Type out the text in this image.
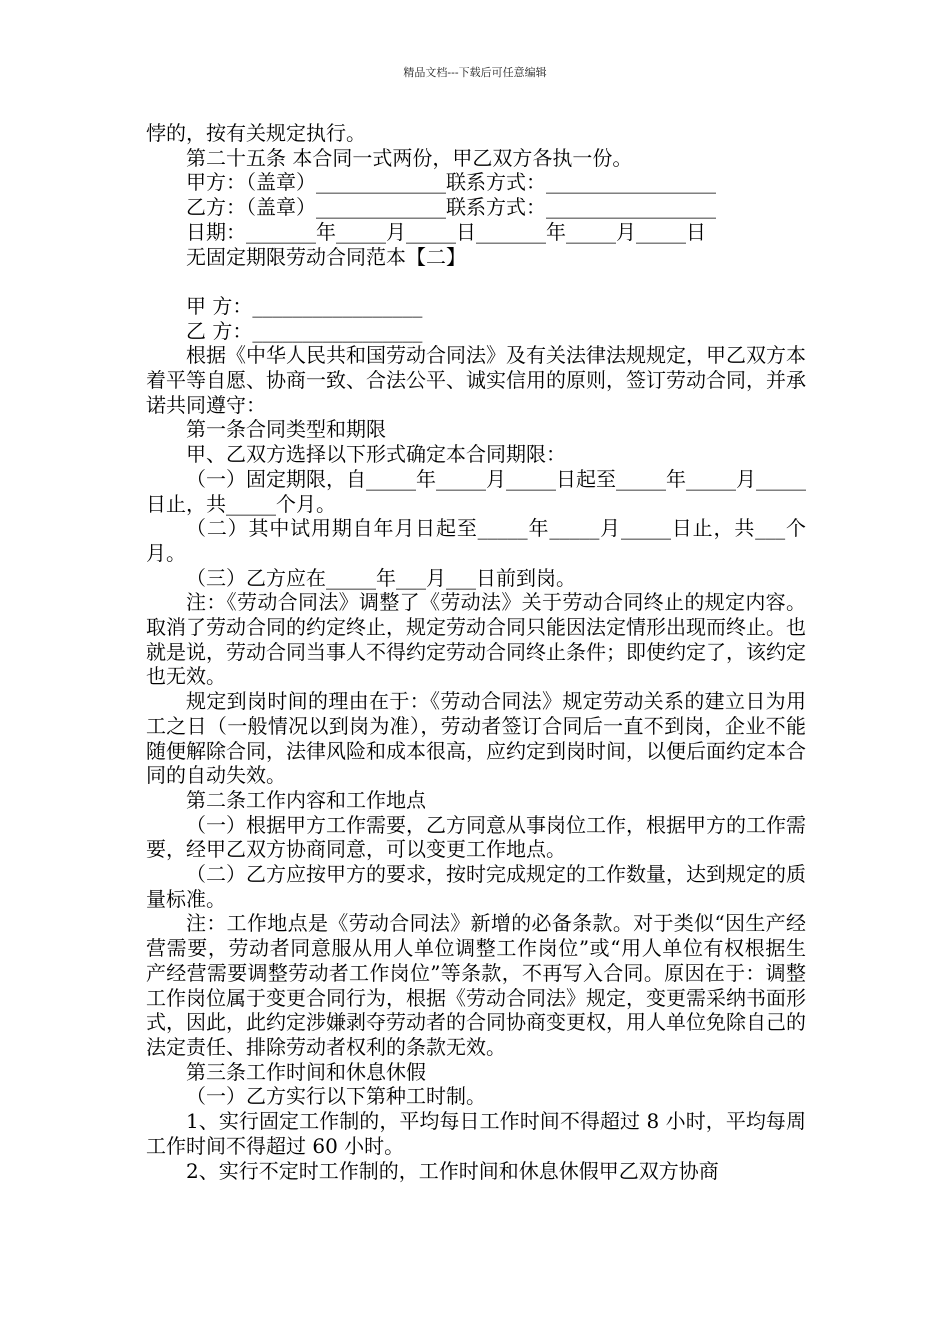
精品文档---下载后可任意编辑

悖的，按有关规定执行。

第二十五条 本合同一式两份，甲乙双方各执一份。

甲方：（盖章）_____________联系方式：_________________

乙方：（盖章）_____________联系方式：_________________

日期：_______年_____月_____日_______年_____月_____日

无固定期限劳动合同范本【二】

甲 方：_________________

乙 方：_________________

根据《中华人民共和国劳动合同法》及有关法律法规规定，甲乙双方本着平等自愿、协商一致、合法公平、诚实信用的原则，签订劳动合同，并承诺共同遵守：

第一条合同类型和期限

甲、乙双方选择以下形式确定本合同期限：

（一）固定期限，自_____年_____月_____日起至_____年_____月_____日止，共_____个月。

（二）其中试用期自年月日起至_____年_____月_____日止，共___个月。

（三）乙方应在_____年___月___日前到岗。

注：《劳动合同法》调整了《劳动法》关于劳动合同终止的规定内容。取消了劳动合同的约定终止，规定劳动合同只能因法定情形出现而终止。也就是说，劳动合同当事人不得约定劳动合同终止条件；即使约定了，该约定也无效。

规定到岗时间的理由在于：《劳动合同法》规定劳动关系的建立日为用工之日（一般情况以到岗为准），劳动者签订合同后一直不到岗，企业不能随便解除合同，法律风险和成本很高，应约定到岗时间，以便后面约定本合同的自动失效。

第二条工作内容和工作地点

（一）根据甲方工作需要，乙方同意从事岗位工作，根据甲方的工作需要，经甲乙双方协商同意，可以变更工作地点。

（二）乙方应按甲方的要求，按时完成规定的工作数量，达到规定的质量标准。

注：工作地点是《劳动合同法》新增的必备条款。对于类似“因生产经营需要，劳动者同意服从用人单位调整工作岗位”或“用人单位有权根据生产经营需要调整劳动者工作岗位”等条款，不再写入合同。原因在于：调整工作岗位属于变更合同行为，根据《劳动合同法》规定，变更需采纳书面形式，因此，此约定涉嫌剥夺劳动者的合同协商变更权，用人单位免除自己的法定责任、排除劳动者权利的条款无效。

第三条工作时间和休息休假

（一）乙方实行以下第种工时制。

1、实行固定工作制的，平均每日工作时间不得超过 8 小时，平均每周工作时间不得超过 60 小时。

2、实行不定时工作制的，工作时间和休息休假甲乙双方协商
